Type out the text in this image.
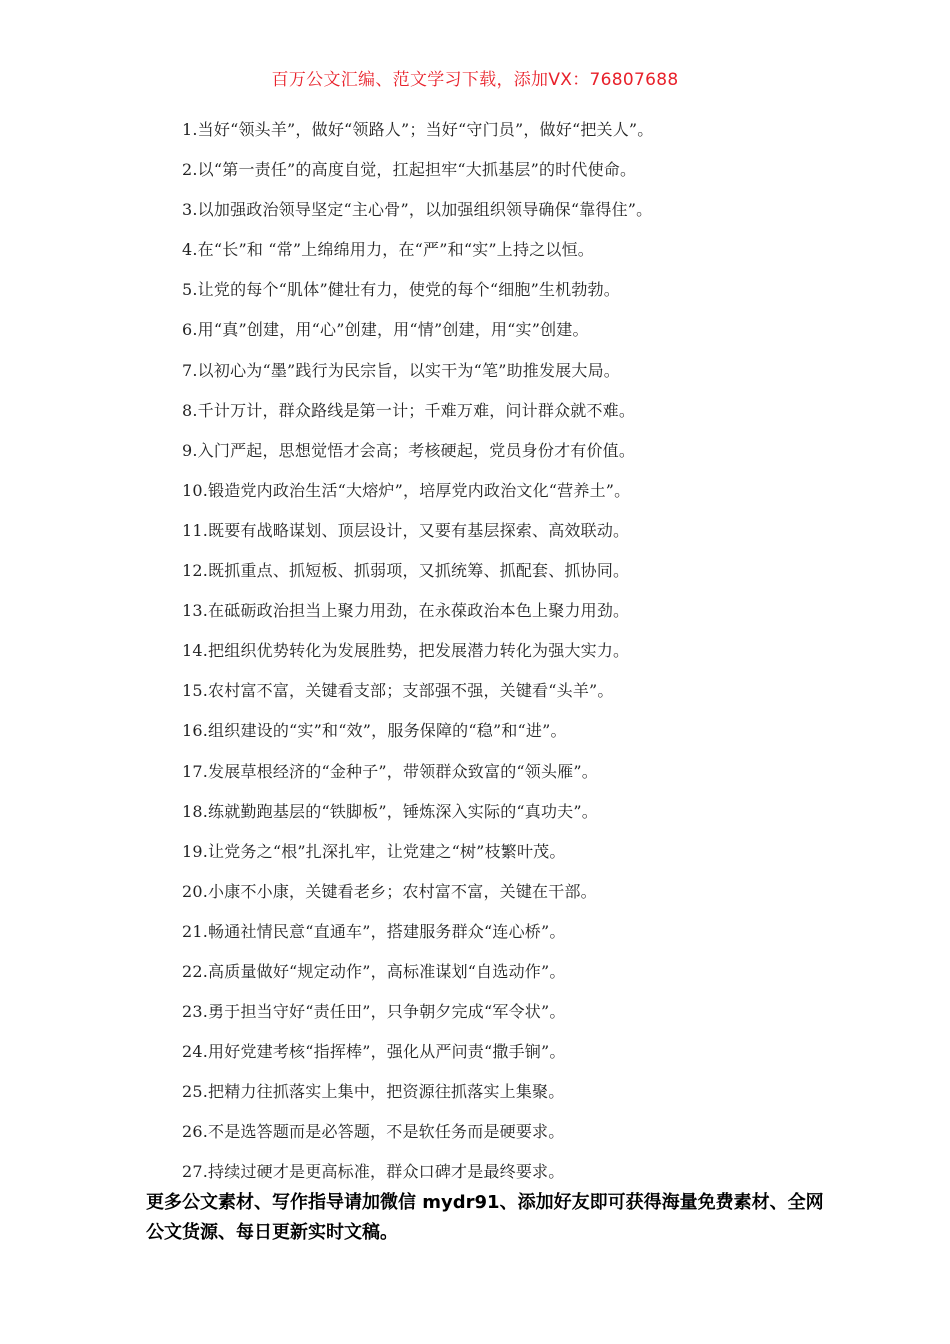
百万公文汇编、范文学习下载，添加VX：76807688
1.当好“领头羊”，做好“领路人”；当好“守门员”，做好“把关人”。
2.以“第一责任”的高度自觉，扛起担牢“大抓基层”的时代使命。
3.以加强政治领导坚定“主心骨”，以加强组织领导确保“靠得住”。
4.在“长”和 “常”上绵绵用力，在“严”和“实”上持之以恒。
5.让党的每个“肌体”健壮有力，使党的每个“细胞”生机勃勃。
6.用“真”创建，用“心”创建，用“情”创建，用“实”创建。
7.以初心为“墨”践行为民宗旨，以实干为“笔”助推发展大局。
8.千计万计，群众路线是第一计；千难万难，问计群众就不难。
9.入门严起，思想觉悟才会高；考核硬起，党员身份才有价值。
10.锻造党内政治生活“大熔炉”，培厚党内政治文化“营养土”。
11.既要有战略谋划、顶层设计，又要有基层探索、高效联动。
12.既抓重点、抓短板、抓弱项，又抓统筹、抓配套、抓协同。
13.在砥砺政治担当上聚力用劲，在永葆政治本色上聚力用劲。
14.把组织优势转化为发展胜势，把发展潜力转化为强大实力。
15.农村富不富，关键看支部；支部强不强，关键看“头羊”。
16.组织建设的“实”和“效”，服务保障的“稳”和“进”。
17.发展草根经济的“金种子”，带领群众致富的“领头雁”。
18.练就勤跑基层的“铁脚板”，锤炼深入实际的“真功夫”。
19.让党务之“根”扎深扎牢，让党建之“树”枝繁叶茂。
20.小康不小康，关键看老乡；农村富不富，关键在干部。
21.畅通社情民意“直通车”，搭建服务群众“连心桥”。
22.高质量做好“规定动作”，高标准谋划“自选动作”。
23.勇于担当守好“责任田”，只争朝夕完成“军令状”。
24.用好党建考核“指挥棒”，强化从严问责“撒手锏”。
25.把精力往抓落实上集中，把资源往抓落实上集聚。
26.不是选答题而是必答题，不是软任务而是硬要求。
27.持续过硬才是更高标准，群众口碑才是最终要求。
更多公文素材、写作指导请加微信 mydr91、添加好友即可获得海量免费素材、全网公文货源、每日更新实时文稿。
